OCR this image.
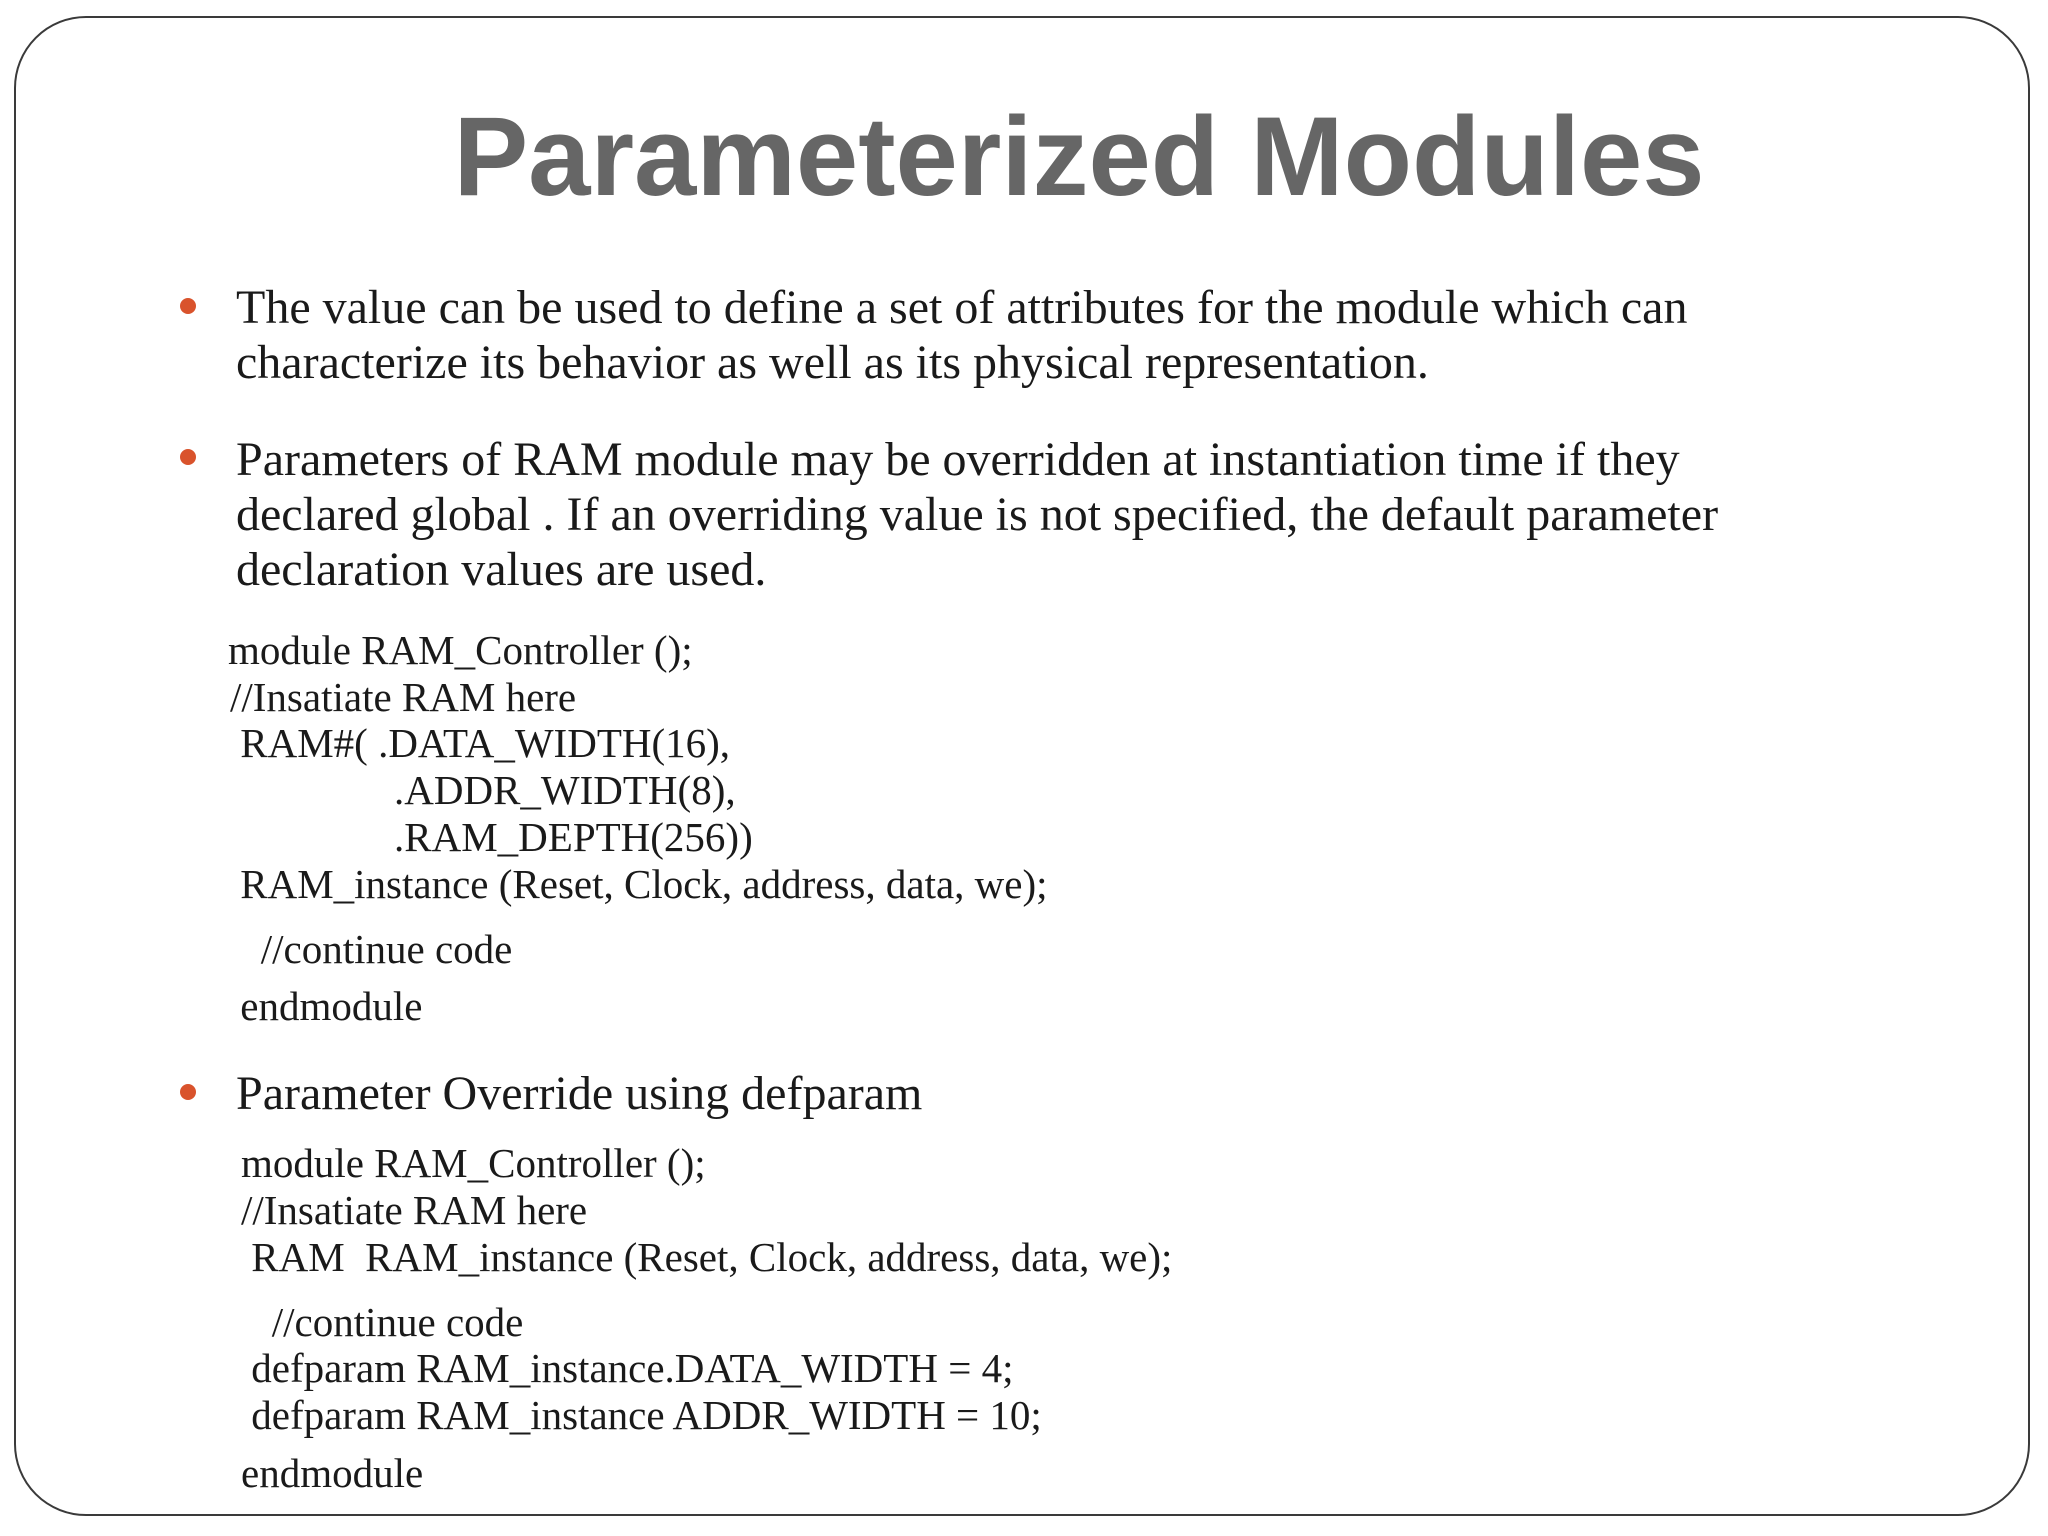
Parameterized Modules
The value can be used to define a set of attributes for the module which can
characterize its behavior as well as its physical representation.
Parameters of RAM module may be overridden at instantiation time if they
declared global . If an overriding value is not specified, the default parameter
declaration values are used.
module RAM_Controller ();
//Insatiate RAM here
RAM#( .DATA_WIDTH(16),
.ADDR_WIDTH(8),
.RAM_DEPTH(256))
RAM_instance (Reset, Clock, address, data, we);
//continue code
endmodule
Parameter Override using defparam
module RAM_Controller ();
//Insatiate RAM here
RAM  RAM_instance (Reset, Clock, address, data, we);
//continue code
defparam RAM_instance.DATA_WIDTH = 4;
defparam RAM_instance ADDR_WIDTH = 10;
endmodule
